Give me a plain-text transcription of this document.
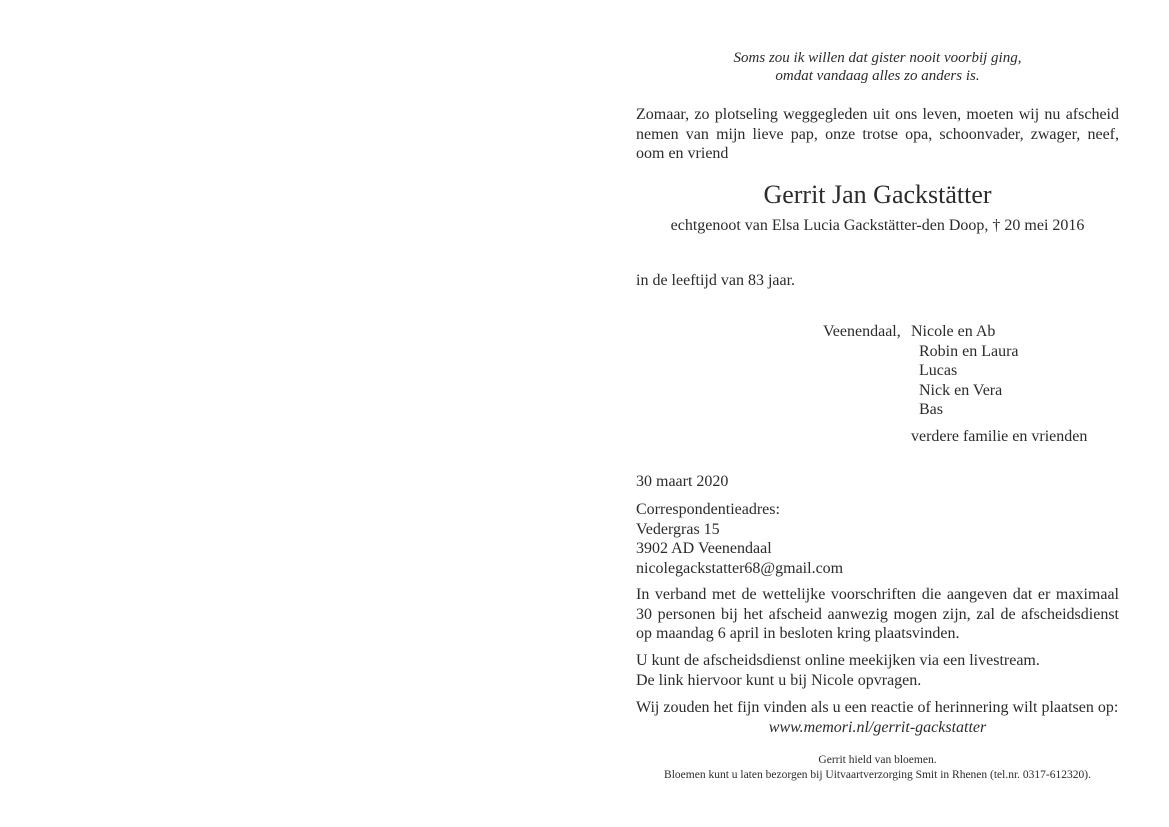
Soms zou ik willen dat gister nooit voorbij ging,
omdat vandaag alles zo anders is.
Zomaar, zo plotseling weggegleden uit ons leven, moeten wij nu afscheid nemen van mijn lieve pap, onze trotse opa, schoonvader, zwager, neef, oom en vriend
Gerrit Jan Gackstätter
echtgenoot van Elsa Lucia Gackstätter-den Doop, † 20 mei 2016
in de leeftijd van 83 jaar.
Veenendaal, Nicole en Ab
Robin en Laura
Lucas
Nick en Vera
Bas
verdere familie en vrienden
30 maart 2020
Correspondentieadres:
Vedergras 15
3902 AD Veenendaal
nicolegackstatter68@gmail.com
In verband met de wettelijke voorschriften die aangeven dat er maximaal 30 personen bij het afscheid aanwezig mogen zijn, zal de afscheidsdienst op maandag 6 april in besloten kring plaatsvinden.
U kunt de afscheidsdienst online meekijken via een livestream.
De link hiervoor kunt u bij Nicole opvragen.
Wij zouden het fijn vinden als u een reactie of herinnering wilt plaatsen op:
www.memori.nl/gerrit-gackstatter
Gerrit hield van bloemen.
Bloemen kunt u laten bezorgen bij Uitvaartverzorging Smit in Rhenen (tel.nr. 0317-612320).
